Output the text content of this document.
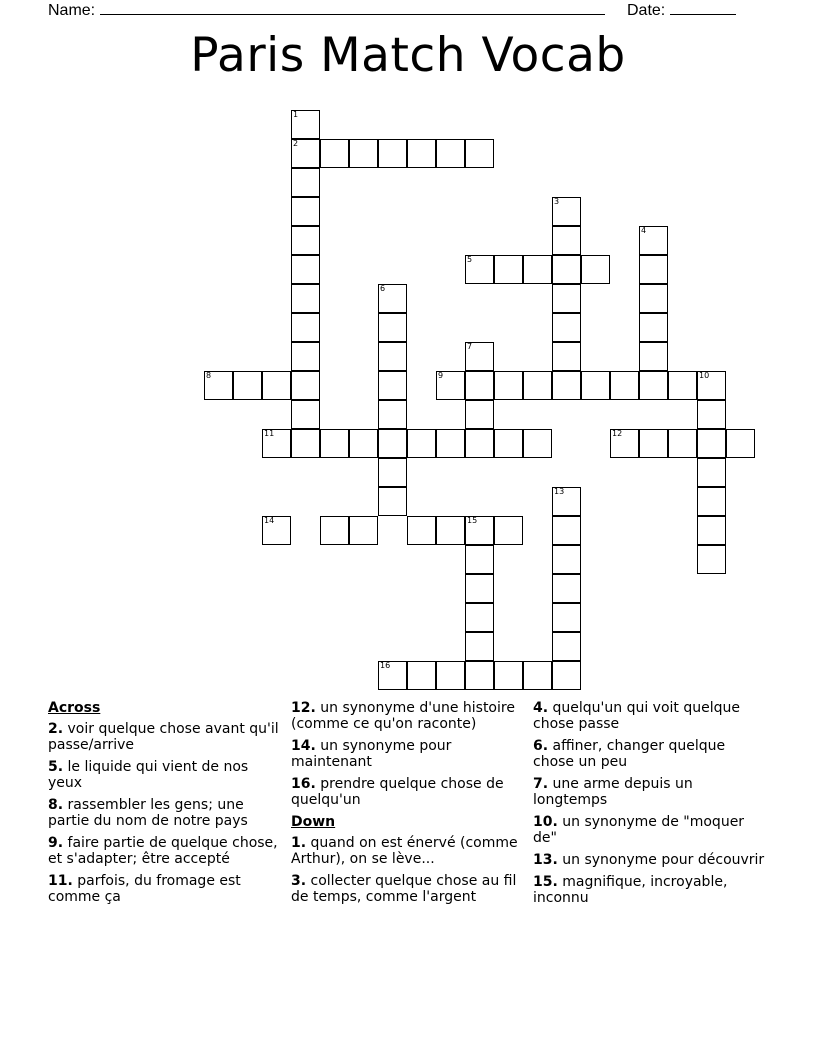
Name:	Date:
Paris Match Vocab
1
2
3
4
5
6
7
8	9	10
11	12
13
14	15
16
Across
2. voir quelque chose avant qu'il passe/arrive
5. le liquide qui vient de nos yeux
8. rassembler les gens; une partie du nom de notre pays
9. faire partie de quelque chose, et s'adapter; être accepté
11. parfois, du fromage est comme ça
12. un synonyme d'une histoire (comme ce qu'on raconte)
14. un synonyme pour maintenant
16. prendre quelque chose de quelqu'un
Down
1. quand on est énervé (comme Arthur), on se lève...
3. collecter quelque chose au fil de temps, comme l'argent
4. quelqu'un qui voit quelque chose passe
6. affiner, changer quelque chose un peu
7. une arme depuis un longtemps
10. un synonyme de "moquer de"
13. un synonyme pour découvrir
15. magnifique, incroyable, inconnu
